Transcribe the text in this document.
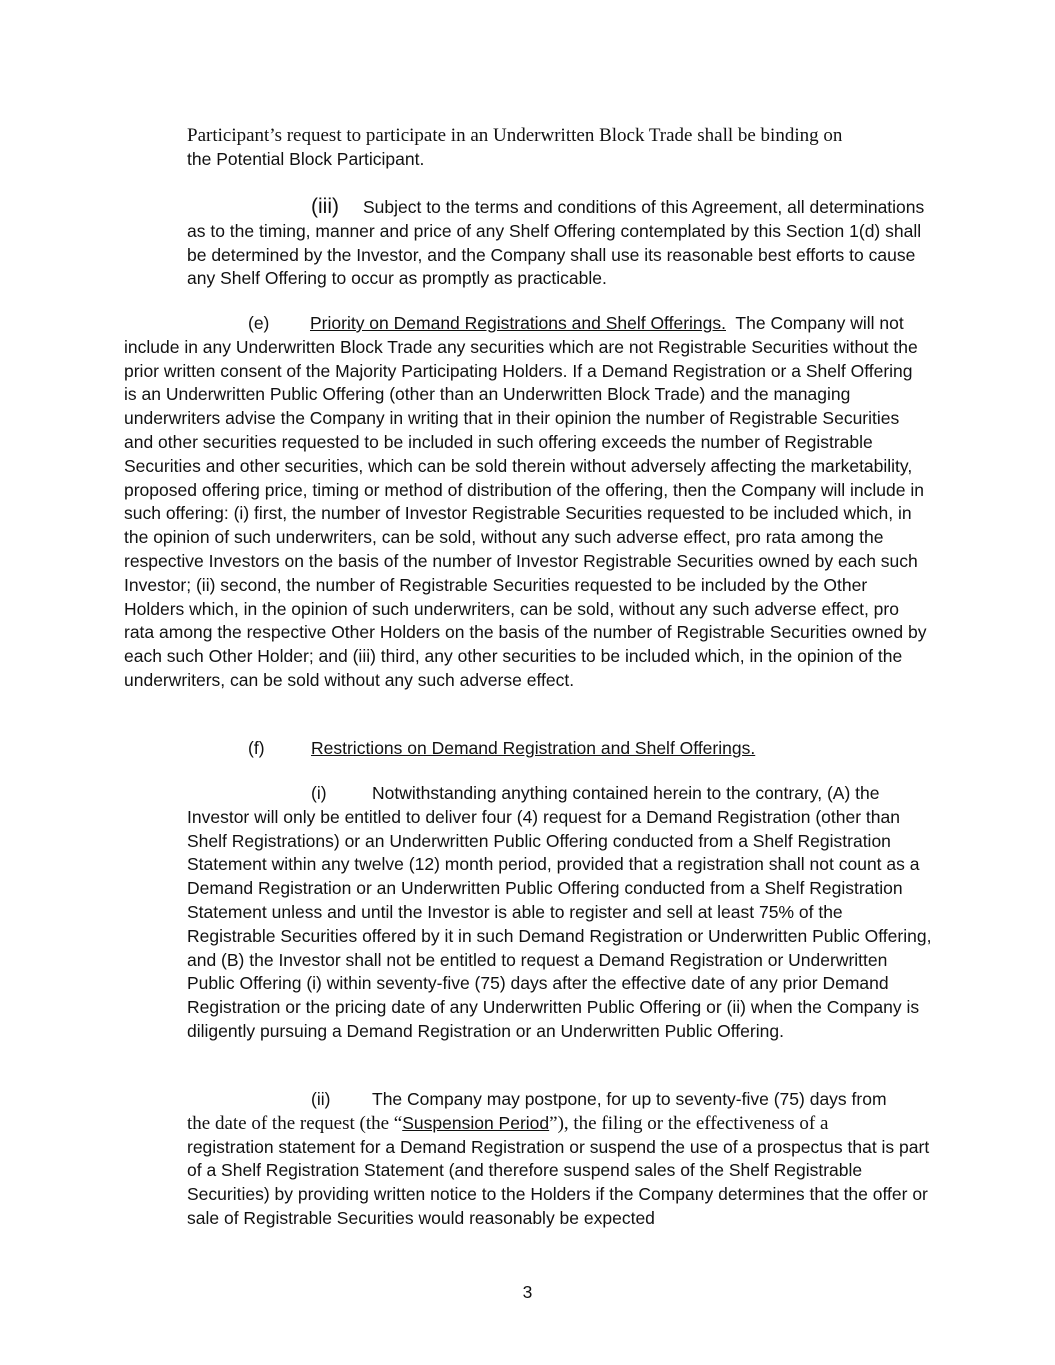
Participant’s request to participate in an Underwritten Block Trade shall be binding on
the Potential Block Participant.

(iii) Subject to the terms and conditions of this Agreement, all determinations as to the timing, manner and price of any Shelf Offering contemplated by this Section 1(d) shall be determined by the Investor, and the Company shall use its reasonable best efforts to cause any Shelf Offering to occur as promptly as practicable.

(e) Priority on Demand Registrations and Shelf Offerings. The Company will not include in any Underwritten Block Trade any securities which are not Registrable Securities without the prior written consent of the Majority Participating Holders. If a Demand Registration or a Shelf Offering is an Underwritten Public Offering (other than an Underwritten Block Trade) and the managing underwriters advise the Company in writing that in their opinion the number of Registrable Securities and other securities requested to be included in such offering exceeds the number of Registrable Securities and other securities, which can be sold therein without adversely affecting the marketability, proposed offering price, timing or method of distribution of the offering, then the Company will include in such offering: (i) first, the number of Investor Registrable Securities requested to be included which, in the opinion of such underwriters, can be sold, without any such adverse effect, pro rata among the respective Investors on the basis of the number of Investor Registrable Securities owned by each such Investor; (ii) second, the number of Registrable Securities requested to be included by the Other Holders which, in the opinion of such underwriters, can be sold, without any such adverse effect, pro rata among the respective Other Holders on the basis of the number of Registrable Securities owned by each such Other Holder; and (iii) third, any other securities to be included which, in the opinion of the underwriters, can be sold without any such adverse effect.

(f)	Restrictions on Demand Registration and Shelf Offerings.

(i)	Notwithstanding anything contained herein to the contrary, (A) the Investor will only be entitled to deliver four (4) request for a Demand Registration (other than Shelf Registrations) or an Underwritten Public Offering conducted from a Shelf Registration Statement within any twelve (12) month period, provided that a registration shall not count as a Demand Registration or an Underwritten Public Offering conducted from a Shelf Registration Statement unless and until the Investor is able to register and sell at least 75% of the Registrable Securities offered by it in such Demand Registration or Underwritten Public Offering, and (B) the Investor shall not be entitled to request a Demand Registration or Underwritten Public Offering (i) within seventy-five (75) days after the effective date of any prior Demand Registration or the pricing date of any Underwritten Public Offering or (ii) when the Company is diligently pursuing a Demand Registration or an Underwritten Public Offering.

(ii) The Company may postpone, for up to seventy-five (75) days from
the date of the request (the “Suspension Period”), the filing or the effectiveness of a
registration statement for a Demand Registration or suspend the use of a prospectus that is part of a Shelf Registration Statement (and therefore suspend sales of the Shelf Registrable Securities) by providing written notice to the Holders if the Company determines that the offer or sale of Registrable Securities would reasonably be expected

3
